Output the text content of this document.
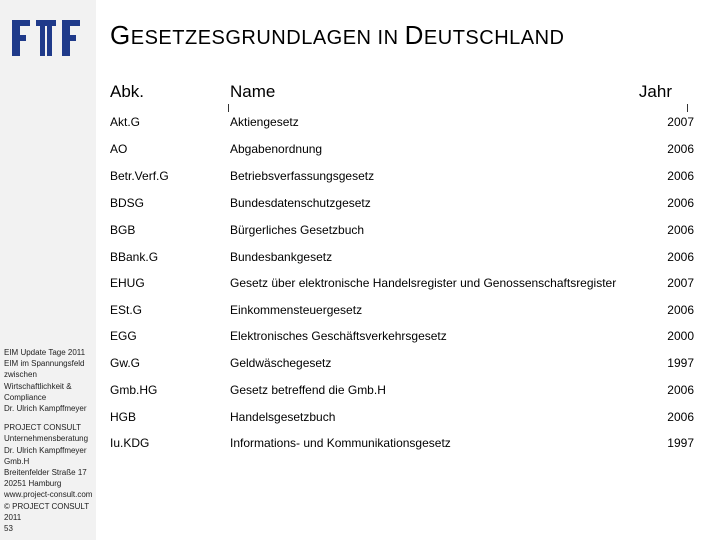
EIM Update Tage 2011
EIM im Spannungsfeld
zwischen
Wirtschaftlichkeit &
Compliance
Dr. Ulrich Kampffmeyer
PROJECT CONSULT
Unternehmensberatung
Dr. Ulrich Kampffmeyer
Gmb.H
Breitenfelder Straße 17
20251 Hamburg
www.project-consult.com
© PROJECT CONSULT
2011
53
GESETZESGRUNDLAGEN IN DEUTSCHLAND
Abk.	Name	Jahr
Akt.G	Aktiengesetz	2007
AO	Abgabenordnung	2006
Betr.Verf.G	Betriebsverfassungsgesetz	2006
BDSG	Bundesdatenschutzgesetz	2006
BGB	Bürgerliches Gesetzbuch	2006
BBank.G	Bundesbankgesetz	2006
EHUG	Gesetz über elektronische Handelsregister und Genossenschaftsregister	2007
ESt.G	Einkommensteuergesetz	2006
EGG	Elektronisches Geschäftsverkehrsgesetz	2000
Gw.G	Geldwäschegesetz	1997
Gmb.HG	Gesetz betreffend die Gmb.H	2006
HGB	Handelsgesetzbuch	2006
Iu.KDG	Informations- und Kommunikationsgesetz	1997
